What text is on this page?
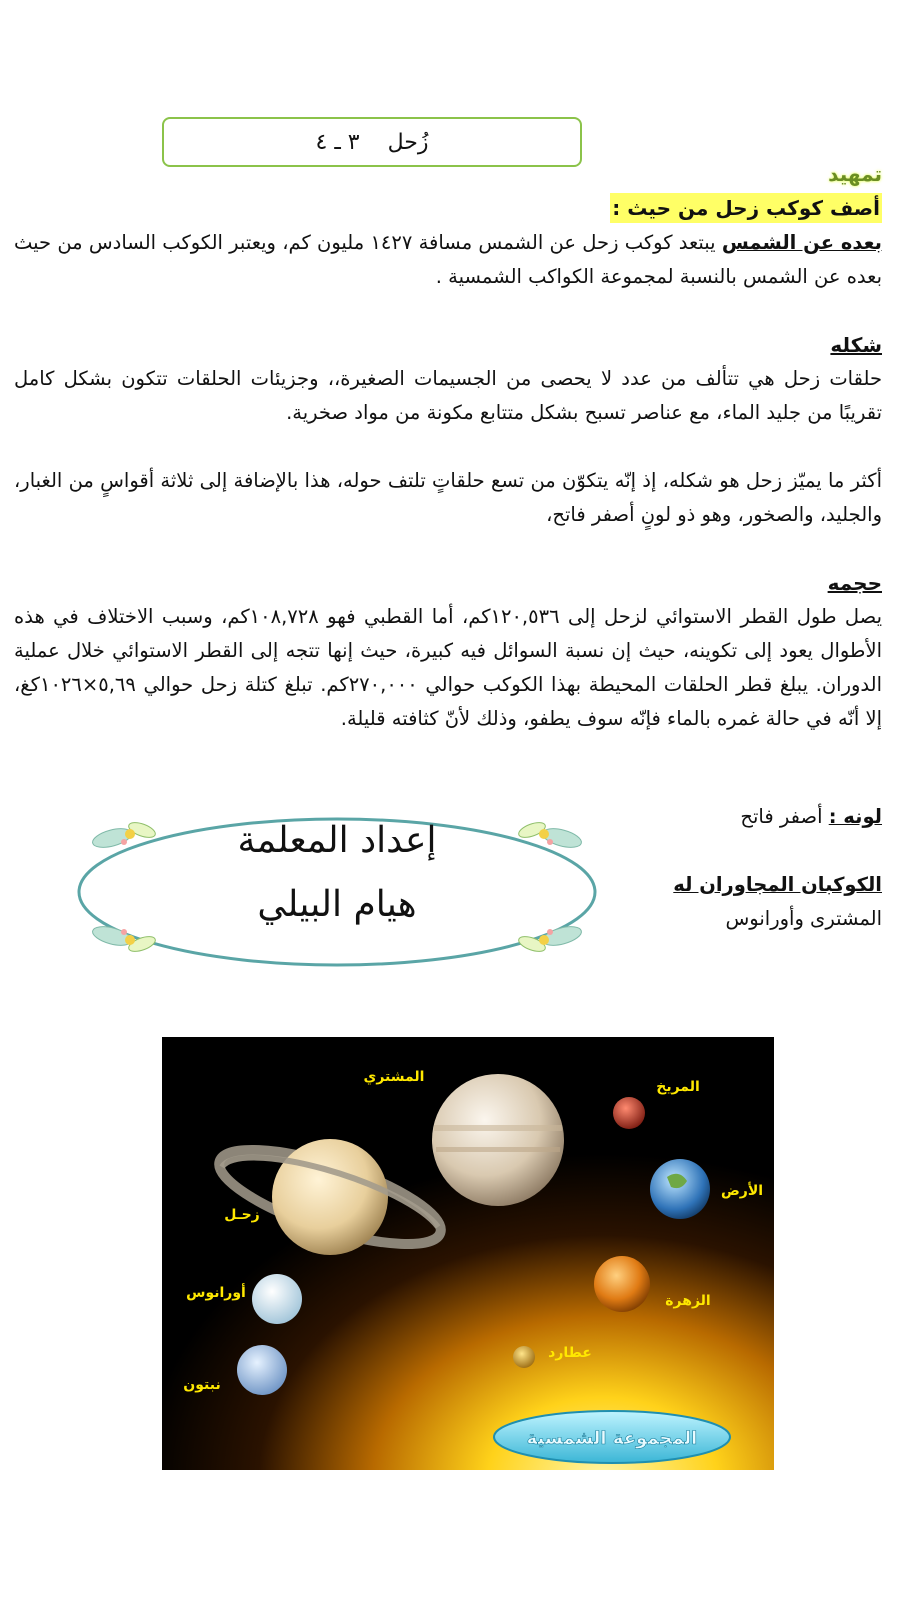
٣ ـ ٤ زُحل
تمهيد
أصف كوكب زحل من حيث :

بعده عن الشمس يبتعد كوكب زحل عن الشمس مسافة ١٤٢٧ مليون كم، ويعتبر الكوكب السادس من حيث بعده عن الشمس بالنسبة لمجموعة الكواكب الشمسية .

شكله

حلقات زحل هي تتألف من عدد لا يحصى من الجسيمات الصغيرة،، وجزيئات الحلقات تتكون بشكل كامل تقريبًا من جليد الماء، مع عناصر تسبح بشكل متتابع مكونة من مواد صخرية.

أكثر ما يميّز زحل هو شكله، إذ إنّه يتكوّن من تسع حلقاتٍ تلتف حوله، هذا بالإضافة إلى ثلاثة أقواسٍ من الغبار، والجليد، والصخور، وهو ذو لونٍ أصفر فاتح،

حجمه

يصل طول القطر الاستوائي لزحل إلى ١٢٠,٥٣٦كم، أما القطبي فهو ١٠٨,٧٢٨كم، وسبب الاختلاف في هذه الأطوال يعود إلى تكوينه، حيث إن نسبة السوائل فيه كبيرة، حيث إنها تتجه إلى القطر الاستوائي خلال عملية الدوران. يبلغ قطر الحلقات المحيطة بهذا الكوكب حوالي ٢٧٠,٠٠٠كم. تبلغ كتلة زحل حوالي ٥,٦٩×١٠٢٦كغ، إلا أنّه في حالة غمره بالماء فإنّه سوف يطفو، وذلك لأنّ كثافته قليلة.

لونه : أصفر فاتح
الكوكبان المجاوران له
المشترى وأورانوس
إعداد المعلمة
هيام البيلي
المشتري
المريخ
الأرض
زحـل
أورانوس	الزهرة
عطارد
نبتون
المجموعة الشمسية
